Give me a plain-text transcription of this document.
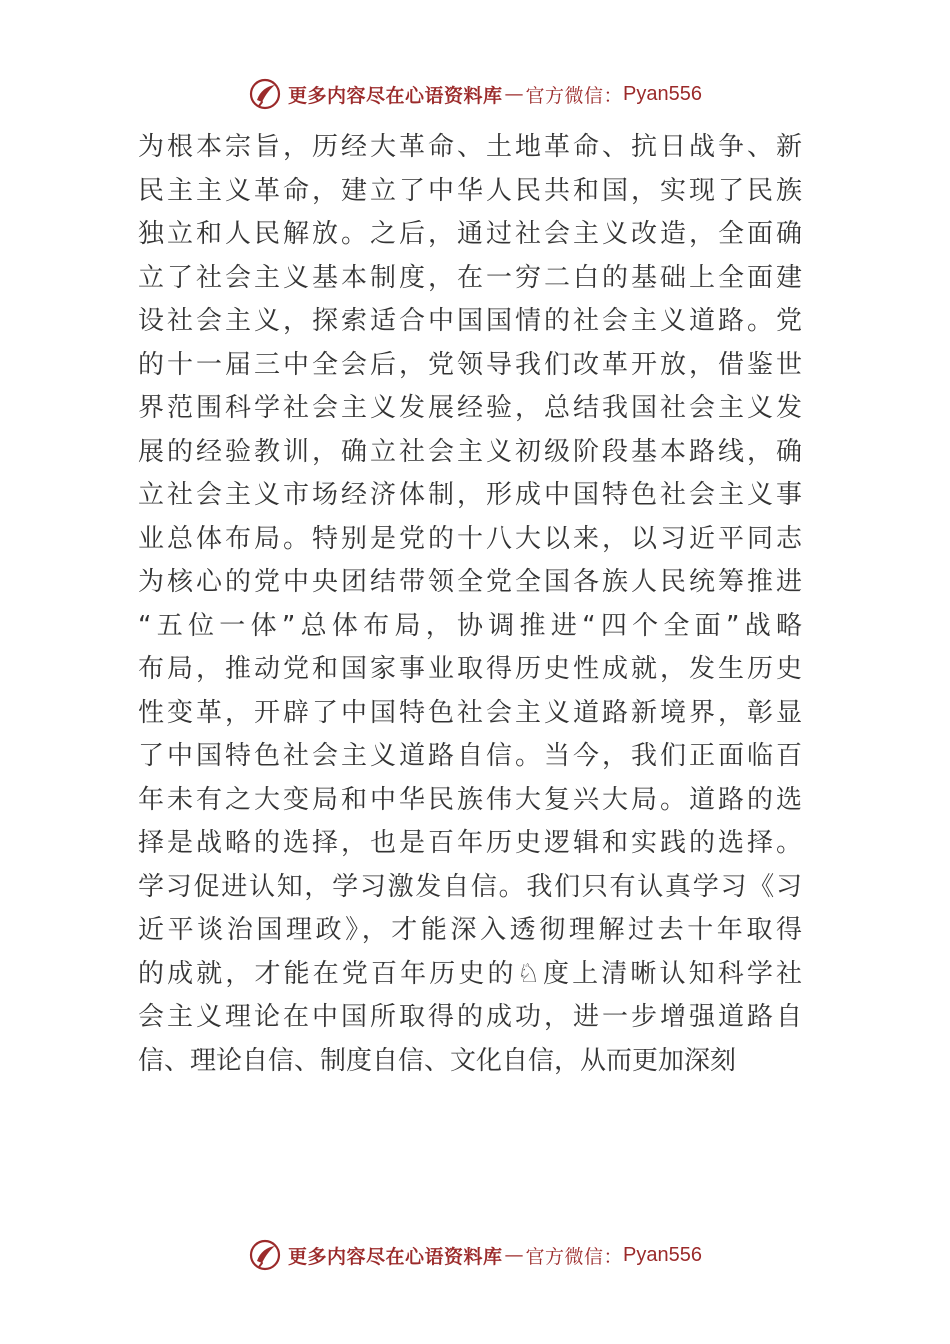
更多内容尽在心语资料库 — 官方微信： Pyan556
为根本宗旨，历经大革命、土地革命、抗日战争、新
民主主义革命，建立了中华人民共和国，实现了民族
独立和人民解放。之后，通过社会主义改造，全面确
立了社会主义基本制度，在一穷二白的基础上全面建
设社会主义，探索适合中国国情的社会主义道路。党
的十一届三中全会后，党领导我们改革开放，借鉴世
界范围科学社会主义发展经验，总结我国社会主义发
展的经验教训，确立社会主义初级阶段基本路线，确
立社会主义市场经济体制，形成中国特色社会主义事
业总体布局。特别是党的十八大以来，以习近平同志
为核心的党中央团结带领全党全国各族人民统筹推进
“五位一体”总体布局，协调推进“四个全面”战略
布局，推动党和国家事业取得历史性成就，发生历史
性变革，开辟了中国特色社会主义道路新境界，彰显
了中国特色社会主义道路自信。当今，我们正面临百
年未有之大变局和中华民族伟大复兴大局。道路的选
择是战略的选择，也是百年历史逻辑和实践的选择。
学习促进认知，学习激发自信。我们只有认真学习《习
近平谈治国理政》，才能深入透彻理解过去十年取得
的成就，才能在党百年历史的♘度上清晰认知科学社
会主义理论在中国所取得的成功，进一步增强道路自
信、理论自信、制度自信、文化自信，从而更加深刻
更多内容尽在心语资料库 — 官方微信： Pyan556
